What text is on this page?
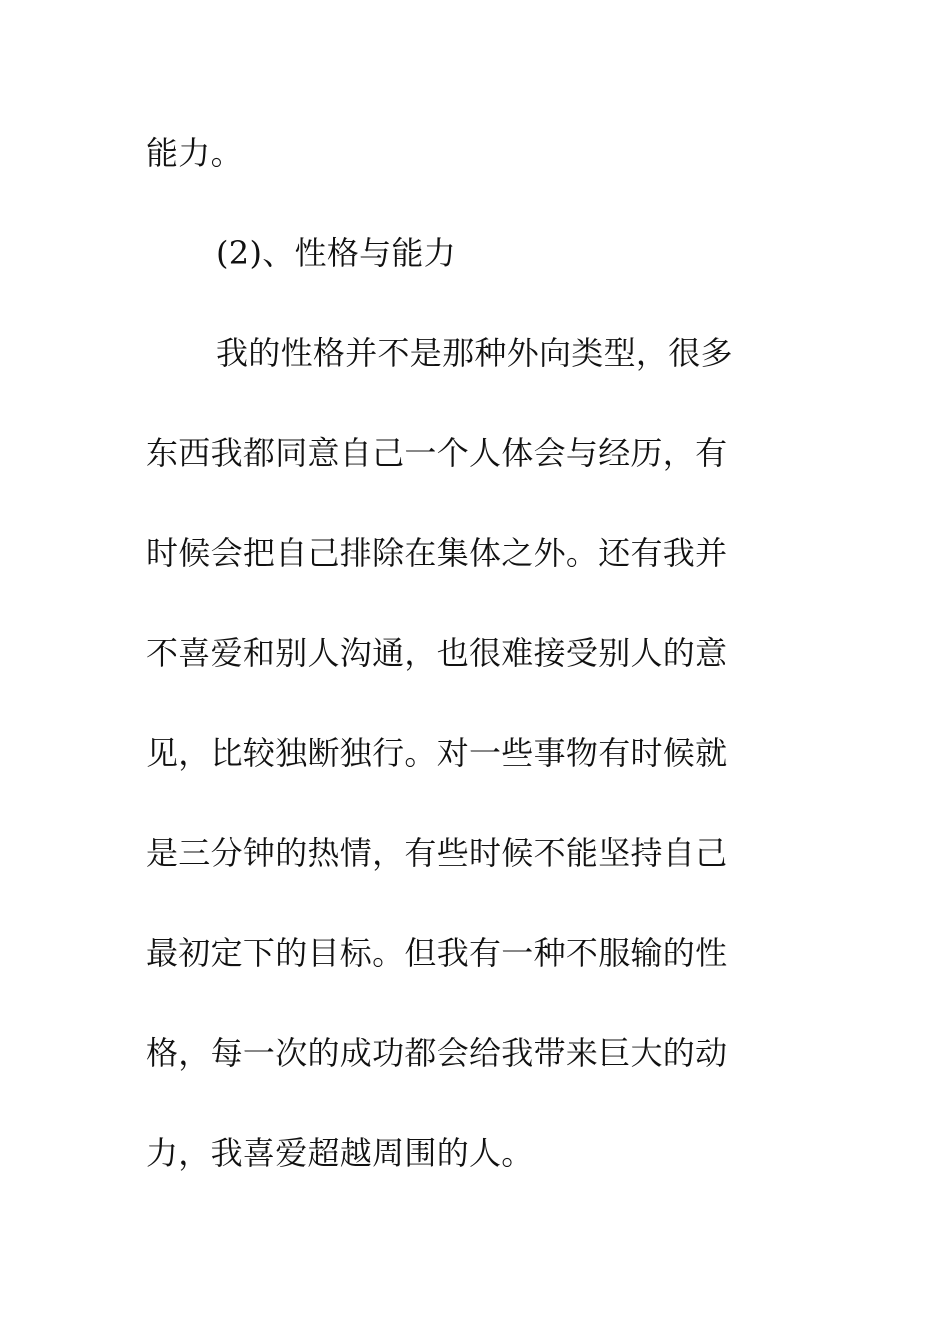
能力。
(2)、性格与能力
我的性格并不是那种外向类型，很多
东西我都同意自己一个人体会与经历，有
时候会把自己排除在集体之外。还有我并
不喜爱和别人沟通，也很难接受别人的意
见，比较独断独行。对一些事物有时候就
是三分钟的热情，有些时候不能坚持自己
最初定下的目标。但我有一种不服输的性
格，每一次的成功都会给我带来巨大的动
力，我喜爱超越周围的人。
